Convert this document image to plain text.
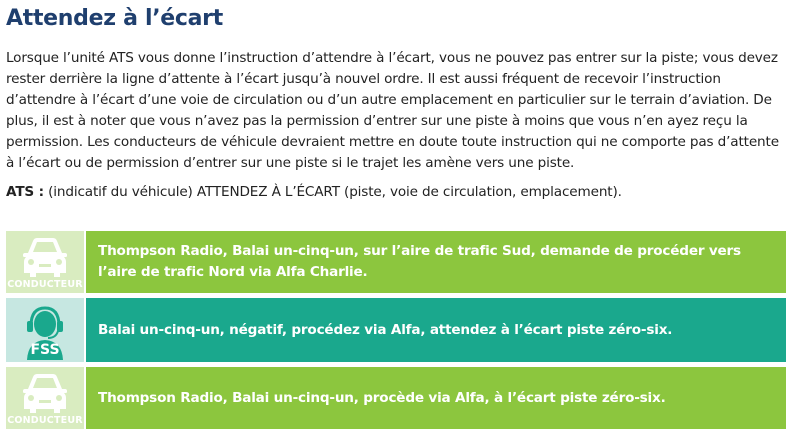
Attendez à l’écart

Lorsque l’unité ATS vous donne l’instruction d’attendre à l’écart, vous ne pouvez pas entrer sur la piste; vous devez rester derrière la ligne d’attente à l’écart jusqu’à nouvel ordre. Il est aussi fréquent de recevoir l’instruction d’attendre à l’écart d’une voie de circulation ou d’un autre emplacement en particulier sur le terrain d’aviation. De plus, il est à noter que vous n’avez pas la permission d’entrer sur une piste à moins que vous n’en ayez reçu la permission. Les conducteurs de véhicule devraient mettre en doute toute instruction qui ne comporte pas d’attente à l’écart ou de permission d’entrer sur une piste si le trajet les amène vers une piste.

ATS : (indicatif du véhicule) ATTENDEZ À L’ÉCART (piste, voie de circulation, emplacement).

CONDUCTEUR
Thompson Radio, Balai un-cinq-un, sur l’aire de trafic Sud, demande de procéder vers l’aire de trafic Nord via Alfa Charlie.
FSS
Balai un-cinq-un, négatif, procédez via Alfa, attendez à l’écart piste zéro-six.
CONDUCTEUR
Thompson Radio, Balai un-cinq-un, procède via Alfa, à l’écart piste zéro-six.
